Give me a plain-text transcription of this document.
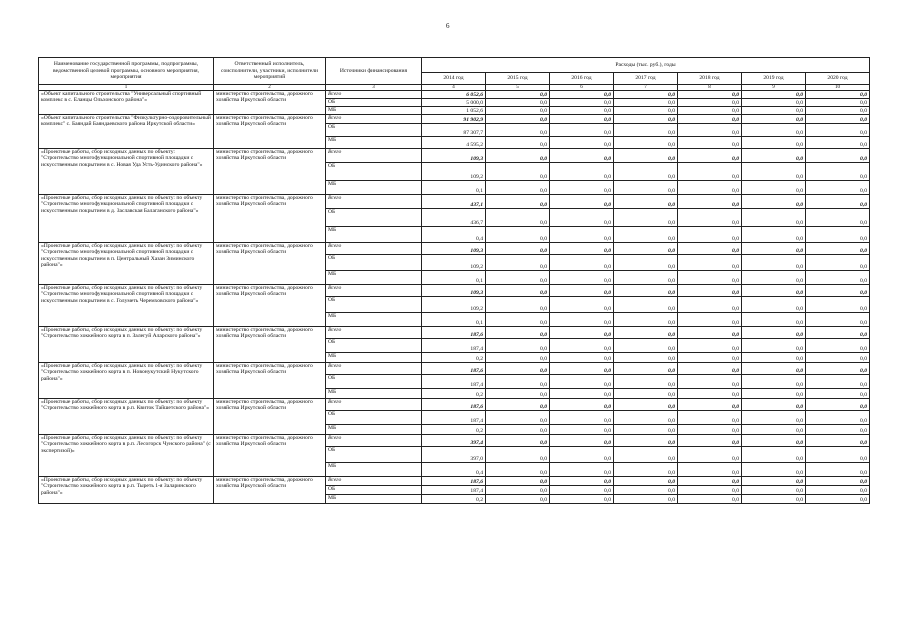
6
Наименование государственной программы, подпрограммы, ведомственной целевой программы, основного мероприятия, мероприятия	Ответственный исполнитель, соисполнители, участники, исполнители мероприятий	Источники финансирования	Расходы (тыс. руб.), годы						
			2014 год	2015 год	2016 год	2017 год	2018 год	2019 год	2020 год
1	2	3	4	5	6	7	8	9	10
«Объект капитального строительства "Универсальный спортивный комплекс в с. Еланцы Ольхонского района"»	министерство строительства, дорожного хозяйства Иркутской области	Всего	6 052,6	0,0	0,0	0,0	0,0	0,0	0,0
		ОБ	5 000,0	0,0	0,0	0,0	0,0	0,0	0,0
		МБ	1 052,6	0,0	0,0	0,0	0,0	0,0	0,0
«Объект капитального строительства "Физкультурно-оздоровительный комплекс" с. Баяндай Баяндаевского района Иркутской области»	министерство строительства, дорожного хозяйства Иркутской области	Всего	91 902,9	0,0	0,0	0,0	0,0	0,0	0,0
		ОБ	87 307,7	0,0	0,0	0,0	0,0	0,0	0,0
		МБ	4 595,2	0,0	0,0	0,0	0,0	0,0	0,0
«Проектные работы, сбор исходных данных по объекту: "Строительство многофункциональной спортивной площадки с искусственным покрытием в с. Новая Уда Усть-Удинского района"»	министерство строительства, дорожного хозяйства Иркутской области	Всего	109,3	0,0	0,0	0,0	0,0	0,0	0,0
		ОБ	109,2	0,0	0,0	0,0	0,0	0,0	0,0
		МБ	0,1	0,0	0,0	0,0	0,0	0,0	0,0
«Проектные работы, сбор исходных данных по объекту: по объекту "Строительство многофункциональной спортивной площадки с искусственным покрытием в д. Заславская Балаганского района"»	министерство строительства, дорожного хозяйства Иркутской области	Всего	437,1	0,0	0,0	0,0	0,0	0,0	0,0
		ОБ	436,7	0,0	0,0	0,0	0,0	0,0	0,0
		МБ	0,4	0,0	0,0	0,0	0,0	0,0	0,0
«Проектные работы, сбор исходных данных по объекту: по объекту "Строительство многофункциональной спортивной площадки с искусственным покрытием в п. Центральный Хазан Зиминского района"»	министерство строительства, дорожного хозяйства Иркутской области	Всего	109,3	0,0	0,0	0,0	0,0	0,0	0,0
		ОБ	109,2	0,0	0,0	0,0	0,0	0,0	0,0
		МБ	0,1	0,0	0,0	0,0	0,0	0,0	0,0
«Проектные работы, сбор исходных данных по объекту: по объекту "Строительство многофункциональной спортивной площадки с искусственным покрытием в с. Голуметь Черемховского района"»	министерство строительства, дорожного хозяйства Иркутской области	Всего	109,3	0,0	0,0	0,0	0,0	0,0	0,0
		ОБ	109,2	0,0	0,0	0,0	0,0	0,0	0,0
		МБ	0,1	0,0	0,0	0,0	0,0	0,0	0,0
«Проектные работы, сбор исходных данных по объекту: по объекту "Строительство хоккейного корта в п. Залегуй Аларского района"»	министерство строительства, дорожного хозяйства Иркутской области	Всего	187,6	0,0	0,0	0,0	0,0	0,0	0,0
		ОБ	187,4	0,0	0,0	0,0	0,0	0,0	0,0
		МБ	0,2	0,0	0,0	0,0	0,0	0,0	0,0
«Проектные работы, сбор исходных данных по объекту: по объекту "Строительство хоккейного корта в п. Новонукутский Нукутского района"»	министерство строительства, дорожного хозяйства Иркутской области	Всего	187,6	0,0	0,0	0,0	0,0	0,0	0,0
		ОБ	187,4	0,0	0,0	0,0	0,0	0,0	0,0
		МБ	0,2	0,0	0,0	0,0	0,0	0,0	0,0
«Проектные работы, сбор исходных данных по объекту: по объекту "Строительство хоккейного корта в р.п. Квиток Тайшетского района"»	министерство строительства, дорожного хозяйства Иркутской области	Всего	187,6	0,0	0,0	0,0	0,0	0,0	0,0
		ОБ	187,4	0,0	0,0	0,0	0,0	0,0	0,0
		МБ	0,2	0,0	0,0	0,0	0,0	0,0	0,0
«Проектные работы, сбор исходных данных по объекту: по объекту "Строительство хоккейного корта в р.п. Лесогорск Чунского района" (с экспертизой)»	министерство строительства, дорожного хозяйства Иркутской области	Всего	397,4	0,0	0,0	0,0	0,0	0,0	0,0
		ОБ	397,0	0,0	0,0	0,0	0,0	0,0	0,0
		МБ	0,4	0,0	0,0	0,0	0,0	0,0	0,0
«Проектные работы, сбор исходных данных по объекту: по объекту "Строительство хоккейного корта в р.п. Тыреть 1-я Заларинского района"»	министерство строительства, дорожного хозяйства Иркутской области	Всего	187,6	0,0	0,0	0,0	0,0	0,0	0,0
		ОБ	187,4	0,0	0,0	0,0	0,0	0,0	0,0
		МБ	0,2	0,0	0,0	0,0	0,0	0,0	0,0
